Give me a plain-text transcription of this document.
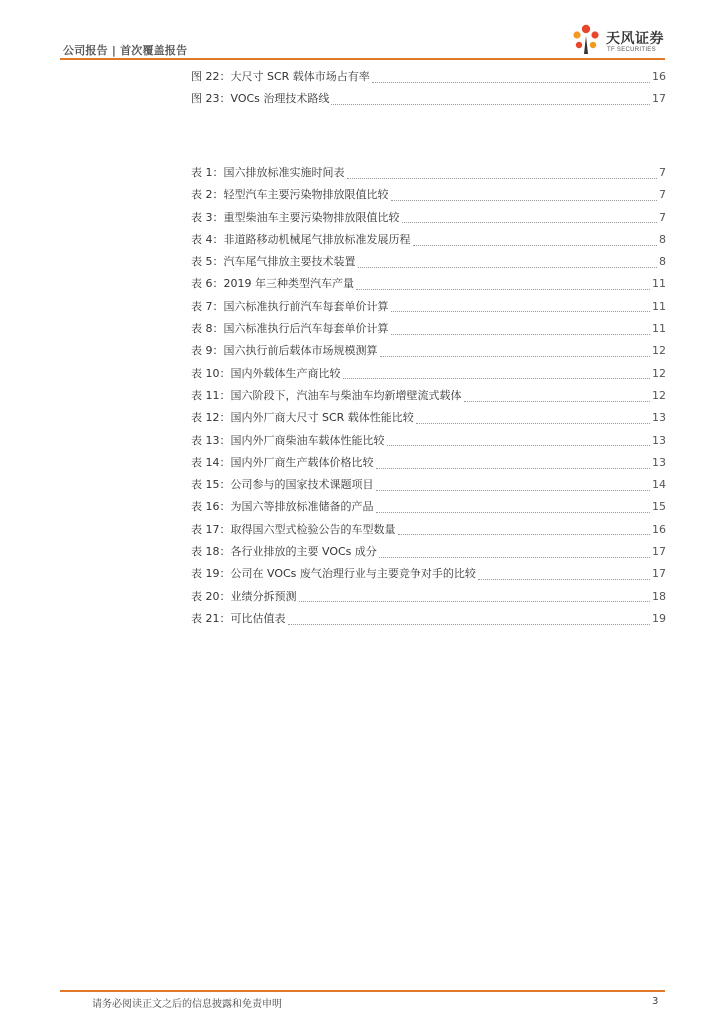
公司报告 | 首次覆盖报告
天风证券
TF SECURITIES
图 22：大尺寸 SCR 载体市场占有率	16
图 23：VOCs 治理技术路线	17
表 1：国六排放标准实施时间表	7
表 2：轻型汽车主要污染物排放限值比较	7
表 3：重型柴油车主要污染物排放限值比较	7
表 4：非道路移动机械尾气排放标准发展历程	8
表 5：汽车尾气排放主要技术装置	8
表 6：2019 年三种类型汽车产量	11
表 7：国六标准执行前汽车每套单价计算	11
表 8：国六标准执行后汽车每套单价计算	11
表 9：国六执行前后载体市场规模测算	12
表 10：国内外载体生产商比较	12
表 11：国六阶段下，汽油车与柴油车均新增壁流式载体	12
表 12：国内外厂商大尺寸 SCR 载体性能比较	13
表 13：国内外厂商柴油车载体性能比较	13
表 14：国内外厂商生产载体价格比较	13
表 15：公司参与的国家技术课题项目	14
表 16：为国六等排放标准储备的产品	15
表 17：取得国六型式检验公告的车型数量	16
表 18：各行业排放的主要 VOCs 成分	17
表 19：公司在 VOCs 废气治理行业与主要竞争对手的比较	17
表 20：业绩分拆预测	18
表 21：可比估值表	19
请务必阅读正文之后的信息披露和免责申明	3
